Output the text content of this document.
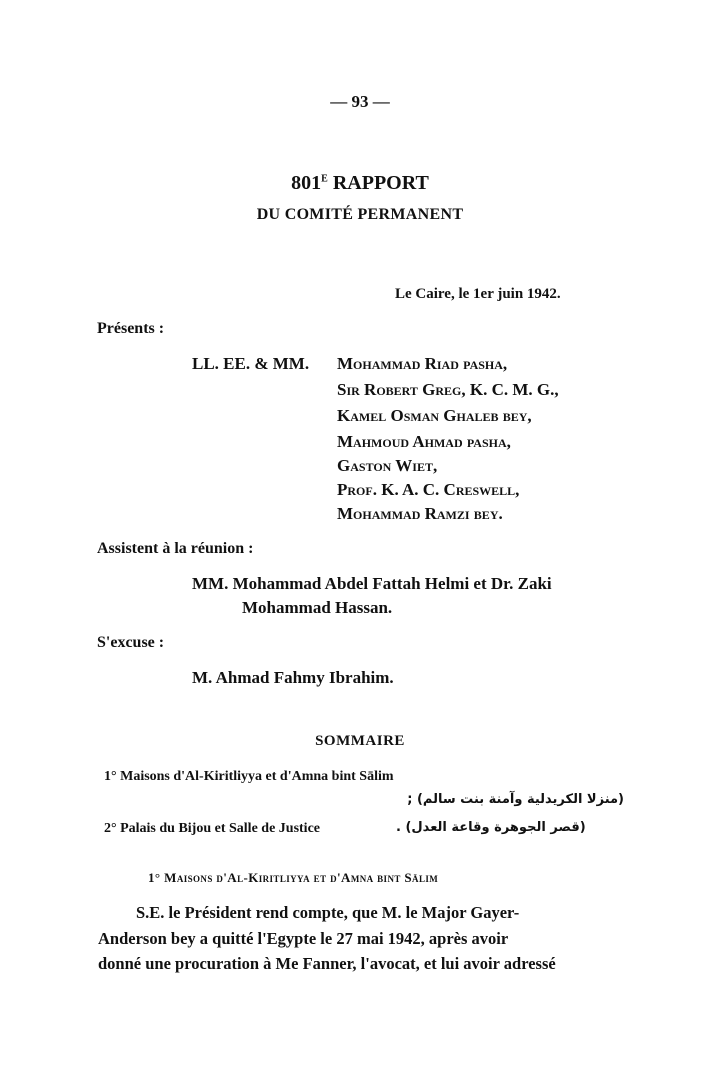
— 93 —
$801^E$ RAPPORT
DU COMITÉ PERMANENT
Le Caire, le 1er juin 1942.
Présents :
LL. EE. & MM. Mohammad Riad pasha,
Sir Robert Greg, K. C. M. G.,
Kamel Osman Ghaleb bey,
Mahmoud Ahmad pasha,
Gaston Wiet,
Prof. K. A. C. Creswell,
Mohammad Ramzi bey.
Assistent à la réunion :
MM. Mohammad Abdel Fattah Helmi et Dr. Zaki
Mohammad Hassan.
S'excuse :
M. Ahmad Fahmy Ibrahim.
SOMMAIRE
1° Maisons d'Al-Kiritliyya et d'Amna bint Sālim
(منزلا الكريدلية وآمنة بنت سالم) ;
2° Palais du Bijou et Salle de Justice	(قصر الجوهرة وقاعة العدل) .
1° Maisons d'Al-Kiritliyya et d'Amna bint Sālim
S.E. le Président rend compte, que M. le Major Gayer-
Anderson bey a quitté l'Egypte le 27 mai 1942, après avoir
donné une procuration à Me Fanner, l'avocat, et lui avoir adressé
